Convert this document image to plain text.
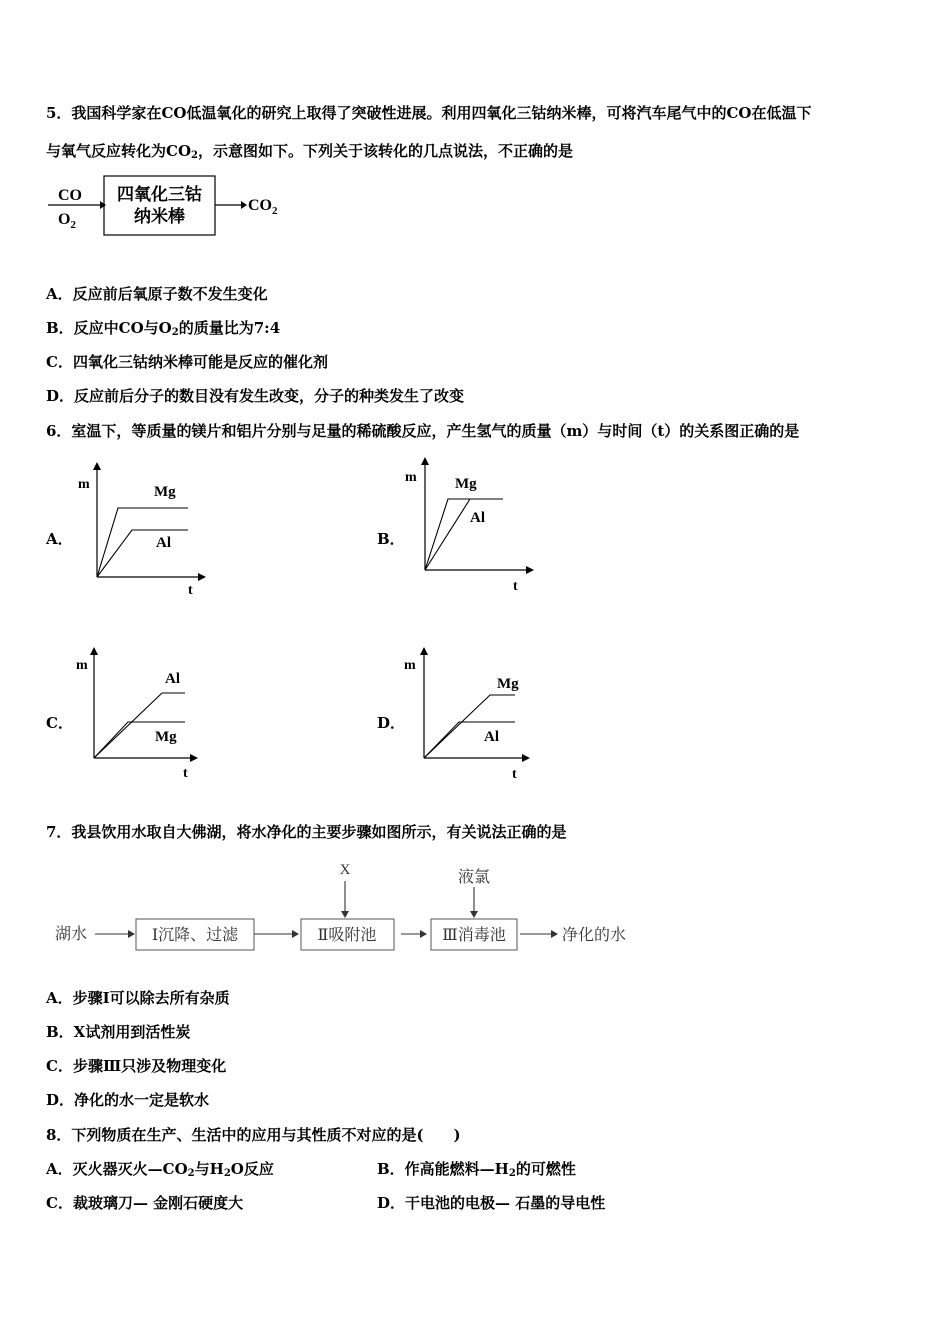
5．我国科学家在CO低温氧化的研究上取得了突破性进展。利用四氧化三钴纳米棒，可将汽车尾气中的CO在低温下
与氧气反应转化为$CO_2$，示意图如下。下列关于该转化的几点说法，不正确的是
CO
$O_2$
四氧化三钴
纳米棒
$CO_2$
A．反应前后氧原子数不发生变化
B．反应中CO与$O_2$的质量比为7:4
C．四氧化三钴纳米棒可能是反应的催化剂
D．反应前后分子的数目没有发生改变，分子的种类发生了改变
6．室温下，等质量的镁片和铝片分别与足量的稀硫酸反应，产生氢气的质量（m）与时间（t）的关系图正确的是
A．
m
t
Mg
Al	B．
m
t
Mg
Al
C．
m
t
Al
Mg
D．
m
t
Mg
Al
7．我县饮用水取自大佛湖，将水净化的主要步骤如图所示，有关说法正确的是
湖水	Ⅰ沉降、过滤	Ⅱ吸附池
X
Ⅲ消毒池
液氯
净化的水
A．步骤Ⅰ可以除去所有杂质
B．X试剂用到活性炭
C．步骤Ⅲ只涉及物理变化
D．净化的水一定是软水
8．下列物质在生产、生活中的应用与其性质不对应的是(　　)
A．灭火器灭火$—CO_2$与$H_2O$反应	B．作高能燃料$—H_2$的可燃性
C．裁玻璃刀— 金刚石硬度大	D．干电池的电极— 石墨的导电性
